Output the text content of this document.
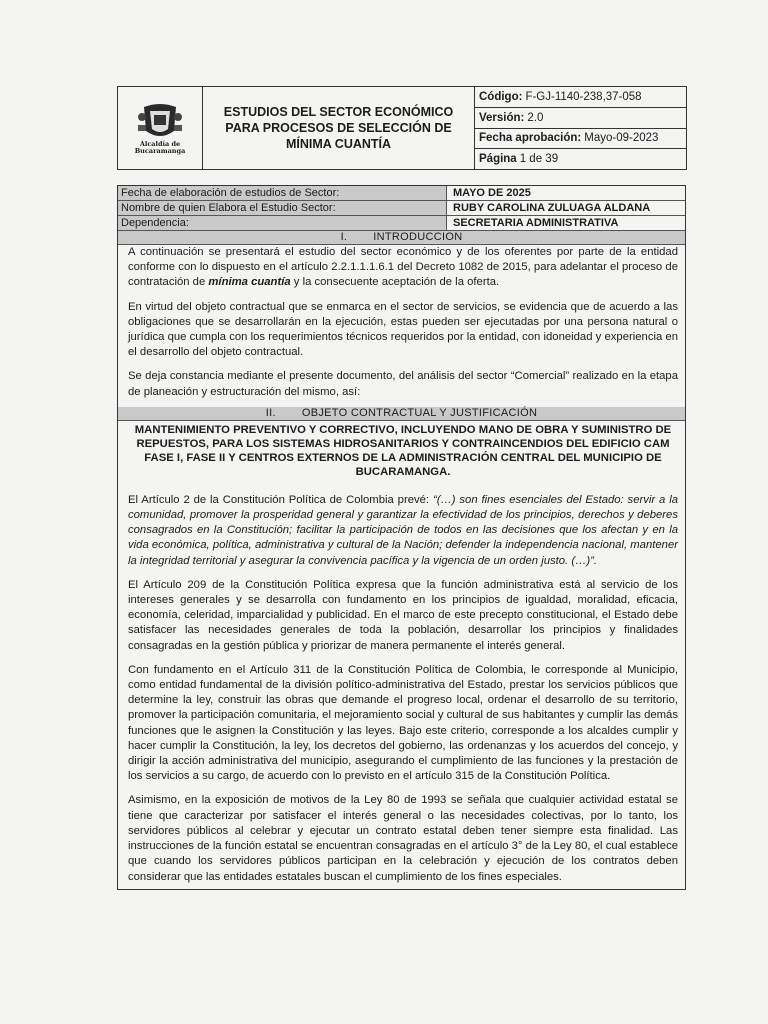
Alcaldía de
Bucaramanga
ESTUDIOS DEL SECTOR ECONÓMICO PARA PROCESOS DE SELECCIÓN DE MÍNIMA CUANTÍA
Código: F-GJ-1140-238,37-058
Versión: 2.0
Fecha aprobación: Mayo-09-2023
Página 1 de 39
Fecha de elaboración de estudios de Sector:	MAYO DE 2025
Nombre de quien Elabora el Estudio Sector:	RUBY CAROLINA ZULUAGA ALDANA
Dependencia:	SECRETARIA ADMINISTRATIVA
I. INTRODUCCION

A continuación se presentará el estudio del sector económico y de los oferentes por parte de la entidad conforme con lo dispuesto en el artículo 2.2.1.1.1.6.1 del Decreto 1082 de 2015, para adelantar el proceso de contratación de mínima cuantía y la consecuente aceptación de la oferta.

En virtud del objeto contractual que se enmarca en el sector de servicios, se evidencia que de acuerdo a las obligaciones que se desarrollarán en la ejecución, estas pueden ser ejecutadas por una persona natural o jurídica que cumpla con los requerimientos técnicos requeridos por la entidad, con idoneidad y experiencia en el desarrollo del objeto contractual.

Se deja constancia mediante el presente documento, del análisis del sector “Comercial” realizado en la etapa de planeación y estructuración del mismo, así:

II. OBJETO CONTRACTUAL Y JUSTIFICACIÓN
MANTENIMIENTO PREVENTIVO Y CORRECTIVO, INCLUYENDO MANO DE OBRA Y SUMINISTRO DE REPUESTOS, PARA LOS SISTEMAS HIDROSANITARIOS Y CONTRAINCENDIOS DEL EDIFICIO CAM FASE I, FASE II Y CENTROS EXTERNOS DE LA ADMINISTRACIÓN CENTRAL DEL MUNICIPIO DE BUCARAMANGA.

El Artículo 2 de la Constitución Política de Colombia prevé: “(…) son fines esenciales del Estado: servir a la comunidad, promover la prosperidad general y garantizar la efectividad de los principios, derechos y deberes consagrados en la Constitución; facilitar la participación de todos en las decisiones que los afectan y en la vida económica, política, administrativa y cultural de la Nación; defender la independencia nacional, mantener la integridad territorial y asegurar la convivencia pacífica y la vigencia de un orden justo. (…)”.

El Artículo 209 de la Constitución Política expresa que la función administrativa está al servicio de los intereses generales y se desarrolla con fundamento en los principios de igualdad, moralidad, eficacia, economía, celeridad, imparcialidad y publicidad. En el marco de este precepto constitucional, el Estado debe satisfacer las necesidades generales de toda la población, desarrollar los principios y finalidades consagradas en la gestión pública y priorizar de manera permanente el interés general.

Con fundamento en el Artículo 311 de la Constitución Política de Colombia, le corresponde al Municipio, como entidad fundamental de la división político-administrativa del Estado, prestar los servicios públicos que determine la ley, construir las obras que demande el progreso local, ordenar el desarrollo de su territorio, promover la participación comunitaria, el mejoramiento social y cultural de sus habitantes y cumplir las demás funciones que le asignen la Constitución y las leyes. Bajo este criterio, corresponde a los alcaldes cumplir y hacer cumplir la Constitución, la ley, los decretos del gobierno, las ordenanzas y los acuerdos del concejo, y dirigir la acción administrativa del municipio, asegurando el cumplimiento de las funciones y la prestación de los servicios a su cargo, de acuerdo con lo previsto en el artículo 315 de la Constitución Política.

Asimismo, en la exposición de motivos de la Ley 80 de 1993 se señala que cualquier actividad estatal se tiene que caracterizar por satisfacer el interés general o las necesidades colectivas, por lo tanto, los servidores públicos al celebrar y ejecutar un contrato estatal deben tener siempre esta finalidad. Las instrucciones de la función estatal se encuentran consagradas en el artículo 3° de la Ley 80, el cual establece que cuando los servidores públicos participan en la celebración y ejecución de los contratos deben considerar que las entidades estatales buscan el cumplimiento de los fines especiales.
